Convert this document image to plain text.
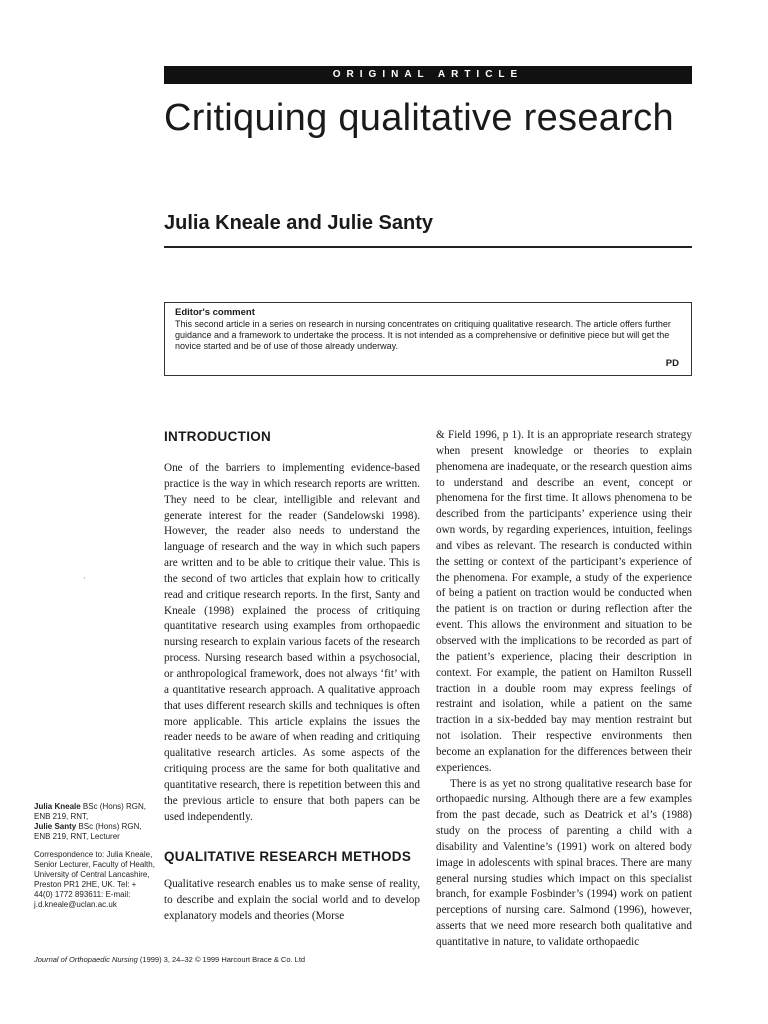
ORIGINAL ARTICLE
Critiquing qualitative research
Julia Kneale and Julie Santy

Editor's comment

This second article in a series on research in nursing concentrates on critiquing qualitative research. The article offers further guidance and a framework to undertake the process. It is not intended as a comprehensive or definitive piece but will get the novice started and be of use of those already underway.

PD
·
INTRODUCTION

One of the barriers to implementing evidence-based practice is the way in which research reports are written. They need to be clear, intelligible and relevant and generate interest for the reader (Sandelowski 1998). However, the reader also needs to understand the language of research and the way in which such papers are written and to be able to critique their value. This is the second of two articles that explain how to critically read and critique research reports. In the first, Santy and Kneale (1998) explained the process of critiquing quantitative research using examples from orthopaedic nursing research to explain various facets of the research process. Nursing research based within a psychosocial, or anthropological framework, does not always ‘fit’ with a quantitative research approach. A qualitative approach that uses different research skills and techniques is often more applicable. This article explains the issues the reader needs to be aware of when reading and critiquing qualitative research articles. As some aspects of the critiquing process are the same for both qualitative and quantitative research, there is repetition between this and the previous article to ensure that both papers can be used independently.

QUALITATIVE RESEARCH METHODS

Qualitative research enables us to make sense of reality, to describe and explain the social world and to develop explanatory models and theories (Morse

& Field 1996, p 1). It is an appropriate research strategy when present knowledge or theories to explain phenomena are inadequate, or the research question aims to understand and describe an event, concept or phenomena for the first time. It allows phenomena to be described from the participants’ experience using their own words, by regarding experiences, intuition, feelings and vibes as relevant. The research is conducted within the setting or context of the participant’s experience of the phenomena. For example, a study of the experience of being a patient on traction would be conducted when the patient is on traction or during reflection after the event. This allows the environment and situation to be observed with the implications to be recorded as part of the patient’s experience, placing their description in context. For example, the patient on Hamilton Russell traction in a double room may express feelings of restraint and isolation, while a patient on the same traction in a six-bedded bay may mention restraint but not isolation. Their respective environments then become an explanation for the differences between their experiences.

There is as yet no strong qualitative research base for orthopaedic nursing. Although there are a few examples from the past decade, such as Deatrick et al’s (1988) study on the process of parenting a child with a disability and Valentine’s (1991) work on altered body image in adolescents with spinal braces. There are many general nursing studies which impact on this specialist branch, for example Fosbinder’s (1994) work on patient perceptions of nursing care. Salmond (1996), however, asserts that we need more research both qualitative and quantitative in nature, to validate orthopaedic

Julia Kneale BSc (Hons) RGN, ENB 219, RNT,

Julie Santy BSc (Hons) RGN, ENB 219, RNT, Lecturer

Correspondence to: Julia Kneale, Senior Lecturer, Faculty of Health, University of Central Lancashire, Preston PR1 2HE, UK. Tel: + 44(0) 1772 893611: E-mail: j.d.kneale@uclan.ac.uk

Journal of Orthopaedic Nursing (1999) 3, 24–32 © 1999 Harcourt Brace & Co. Ltd
